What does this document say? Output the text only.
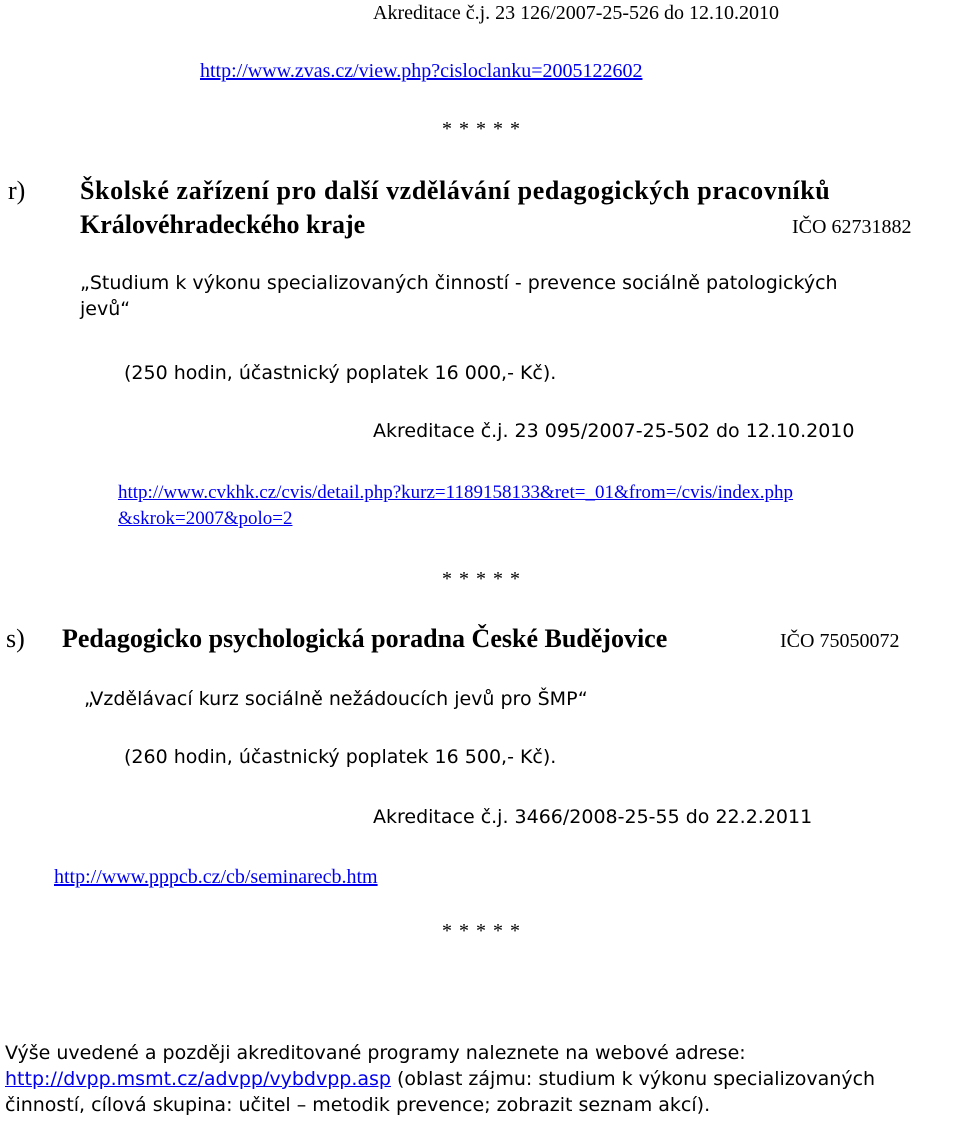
Akreditace č.j. 23 126/2007-25-526 do 12.10.2010

http://www.zvas.cz/view.php?cisloclanku=2005122602

* * * * *

r) Školské zařízení pro další vzdělávání pedagogických pracovníků

Královéhradeckého kraje	IČO 62731882

„Studium k výkonu specializovaných činností - prevence sociálně patologických

jevů“

(250 hodin, účastnický poplatek 16 000,- Kč).

Akreditace č.j. 23 095/2007-25-502 do 12.10.2010

http://www.cvkhk.cz/cvis/detail.php?kurz=1189158133&ret=_01&from=/cvis/index.php
&skrok=2007&polo=2

* * * * *

s) Pedagogicko psychologická poradna České Budějovice	IČO 75050072

„Vzdělávací kurz sociálně nežádoucích jevů pro ŠMP“

(260 hodin, účastnický poplatek 16 500,- Kč).

Akreditace č.j. 3466/2008-25-55 do 22.2.2011

http://www.pppcb.cz/cb/seminarecb.htm

* * * * *

Výše uvedené a později akreditované programy naleznete na webové adrese:
http://dvpp.msmt.cz/advpp/vybdvpp.asp (oblast zájmu: studium k výkonu specializovaných
činností, cílová skupina: učitel – metodik prevence; zobrazit seznam akcí).
